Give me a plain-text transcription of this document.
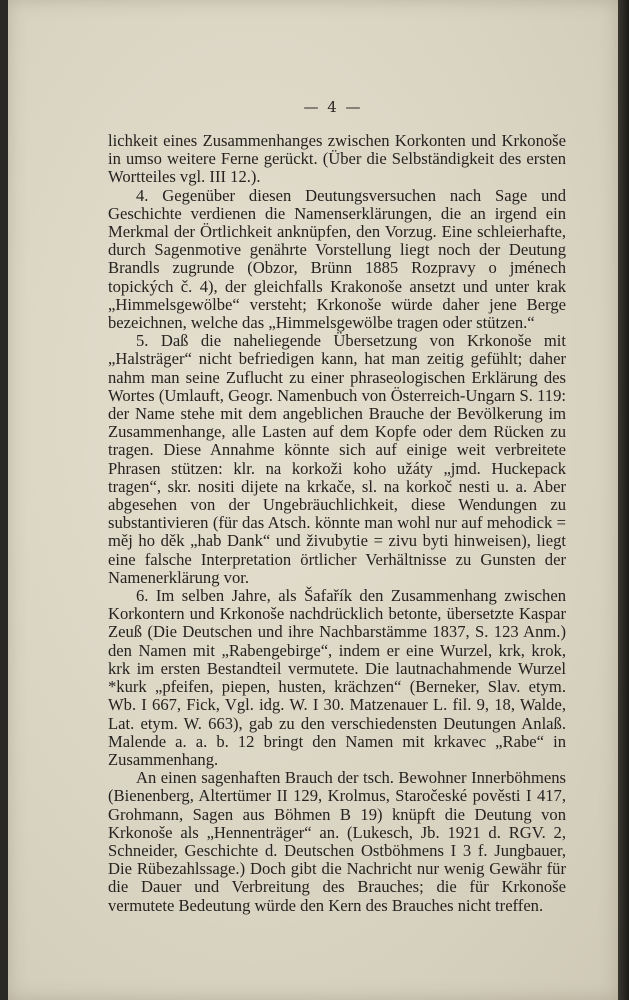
— 4 —

lichkeit eines Zusammenhanges zwischen Korkonten und Krkonoše in umso weitere Ferne gerückt. (Über die Selbständigkeit des ersten Wortteiles vgl. III 12.).

4. Gegenüber diesen Deutungsversuchen nach Sage und Geschichte verdienen die Namenserklärungen, die an irgend ein Merkmal der Örtlichkeit anknüpfen, den Vorzug. Eine schleierhafte, durch Sagenmotive genährte Vorstellung liegt noch der Deutung Brandls zugrunde (Obzor, Brünn 1885 Rozpravy o jménech topických č. 4), der gleichfalls Krakonoše ansetzt und unter krak „Himmelsgewölbe“ versteht; Krkonoše würde daher jene Berge bezeichnen, welche das „Himmelsgewölbe tragen oder stützen.“

5. Daß die naheliegende Übersetzung von Krkonoše mit „Halsträger“ nicht befriedigen kann, hat man zeitig gefühlt; daher nahm man seine Zuflucht zu einer phraseologischen Erklärung des Wortes (Umlauft, Geogr. Namenbuch von Österreich-Ungarn S. 119: der Name stehe mit dem angeblichen Brauche der Bevölkerung im Zusammenhange, alle Lasten auf dem Kopfe oder dem Rücken zu tragen. Diese Annahme könnte sich auf einige weit verbreitete Phrasen stützen: klr. na korkoži koho užáty „jmd. Huckepack tragen“, skr. nositi dijete na krkače, sl. na korkoč nesti u. a. Aber abgesehen von der Ungebräuchlichkeit, diese Wendungen zu substantivieren (für das Atsch. könnte man wohl nur auf mehodick = měj ho děk „hab Dank“ und živubytie = zivu byti hinweisen), liegt eine falsche Interpretation örtlicher Verhältnisse zu Gunsten der Namenerklärung vor.

6. Im selben Jahre, als Šafařík den Zusammenhang zwischen Korkontern und Krkonoše nachdrücklich betonte, übersetzte Kaspar Zeuß (Die Deutschen und ihre Nachbarstämme 1837, S. 123 Anm.) den Namen mit „Rabengebirge“, indem er eine Wurzel, krk, krok, krk im ersten Bestandteil vermutete. Die lautnachahmende Wurzel *kurk „pfeifen, piepen, husten, krächzen“ (Berneker, Slav. etym. Wb. I 667, Fick, Vgl. idg. W. I 30. Matzenauer L. fil. 9, 18, Walde, Lat. etym. W. 663), gab zu den verschiedensten Deutungen Anlaß. Malende a. a. b. 12 bringt den Namen mit krkavec „Rabe“ in Zusammenhang.

An einen sagenhaften Brauch der tsch. Bewohner Innerböhmens (Bienenberg, Altertümer II 129, Krolmus, Staročeské pověsti I 417, Grohmann, Sagen aus Böhmen B 19) knüpft die Deutung von Krkonoše als „Hennenträger“ an. (Lukesch, Jb. 1921 d. RGV. 2, Schneider, Geschichte d. Deutschen Ostböhmens I 3 f. Jungbauer, Die Rübezahlssage.) Doch gibt die Nachricht nur wenig Gewähr für die Dauer und Verbreitung des Brauches; die für Krkonoše vermutete Bedeutung würde den Kern des Brauches nicht treffen.
